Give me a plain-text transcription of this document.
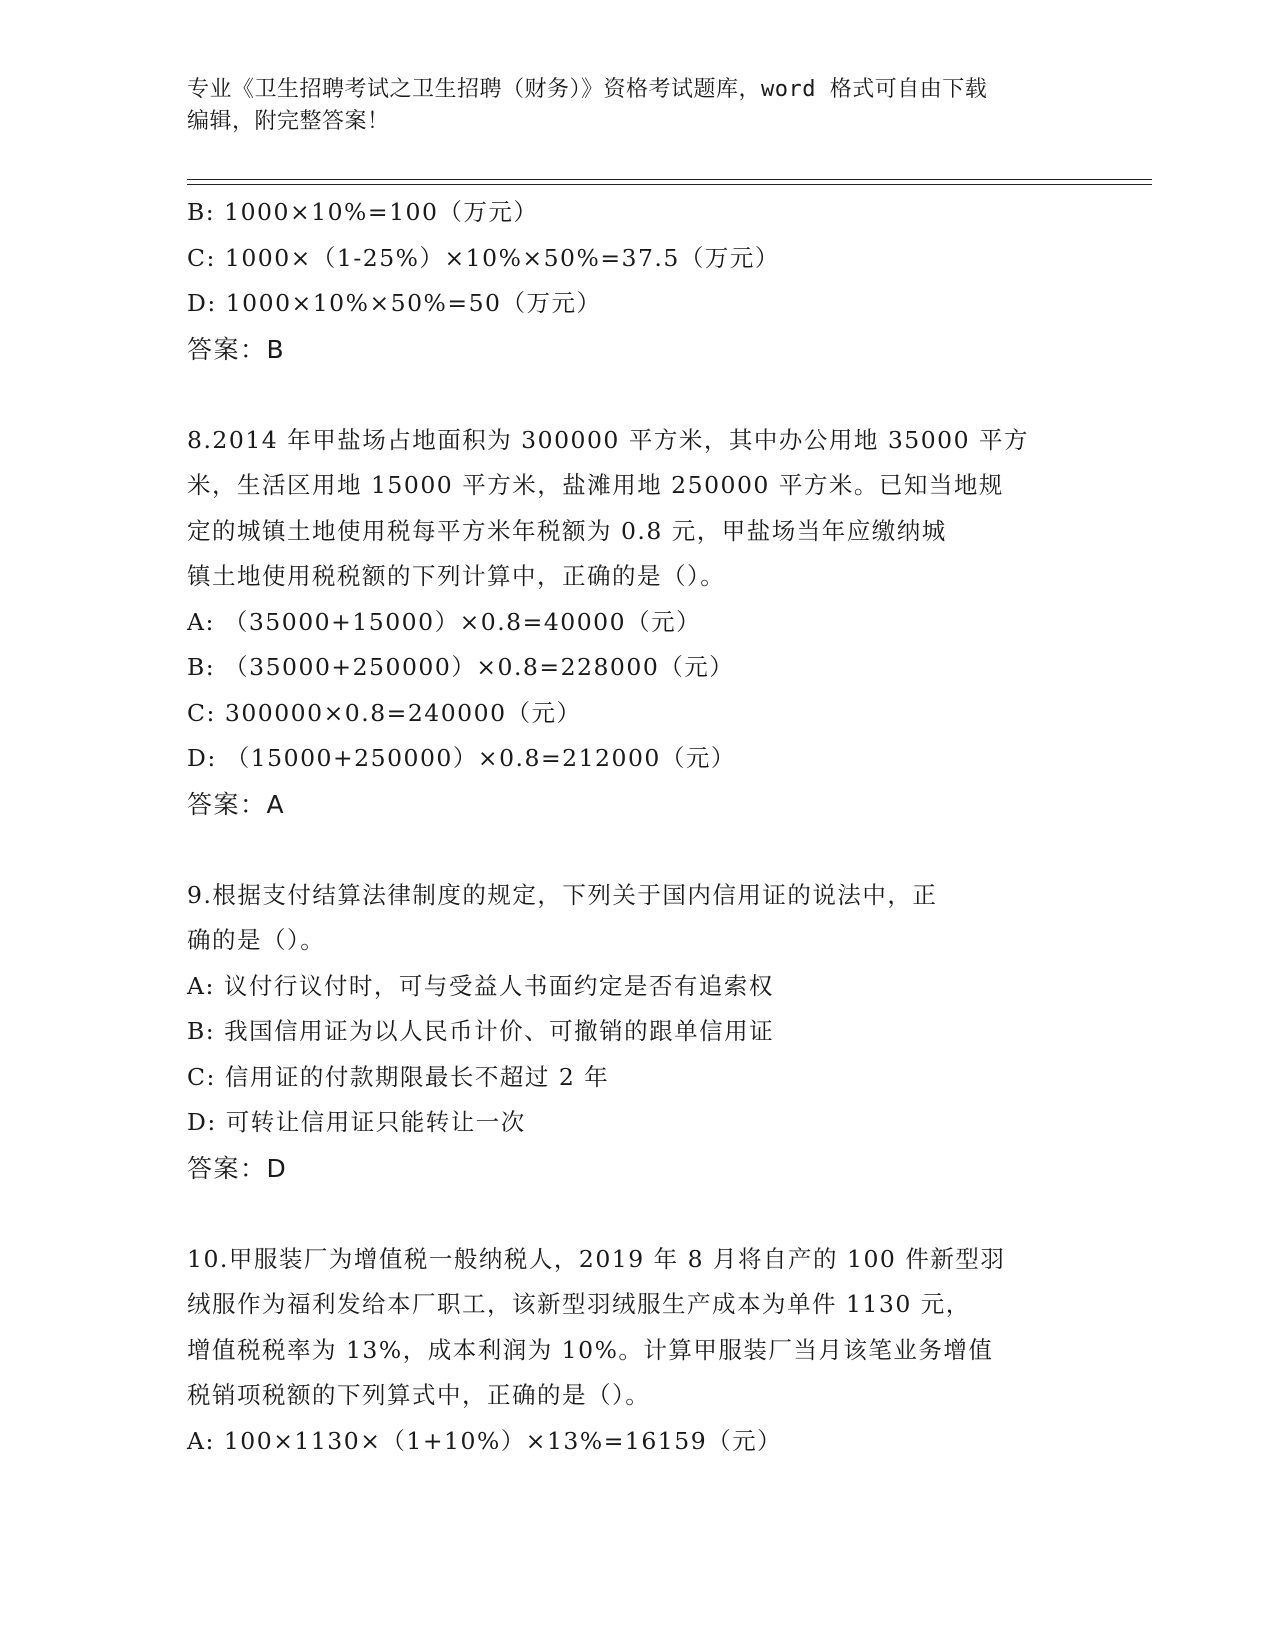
专业《卫生招聘考试之卫生招聘（财务）》资格考试题库，word 格式可自由下载
编辑，附完整答案！
B: 1000×10%=100（万元）
C: 1000×（1-25%）×10%×50%=37.5（万元）
D: 1000×10%×50%=50（万元）
答案：B
8.2014 年甲盐场占地面积为 300000 平方米，其中办公用地 35000 平方
米，生活区用地 15000 平方米，盐滩用地 250000 平方米。已知当地规
定的城镇土地使用税每平方米年税额为 0.8 元，甲盐场当年应缴纳城
镇土地使用税税额的下列计算中，正确的是（）。
A: （35000+15000）×0.8=40000（元）
B: （35000+250000）×0.8=228000（元）
C: 300000×0.8=240000（元）
D: （15000+250000）×0.8=212000（元）
答案：A
9.根据支付结算法律制度的规定，下列关于国内信用证的说法中，正
确的是（）。
A: 议付行议付时，可与受益人书面约定是否有追索权
B: 我国信用证为以人民币计价、可撤销的跟单信用证
C: 信用证的付款期限最长不超过 2 年
D: 可转让信用证只能转让一次
答案：D
10.甲服装厂为增值税一般纳税人，2019 年 8 月将自产的 100 件新型羽
绒服作为福利发给本厂职工，该新型羽绒服生产成本为单件 1130 元，
增值税税率为 13%，成本利润为 10%。计算甲服装厂当月该笔业务增值
税销项税额的下列算式中，正确的是（）。
A: 100×1130×（1+10%）×13%=16159（元）
